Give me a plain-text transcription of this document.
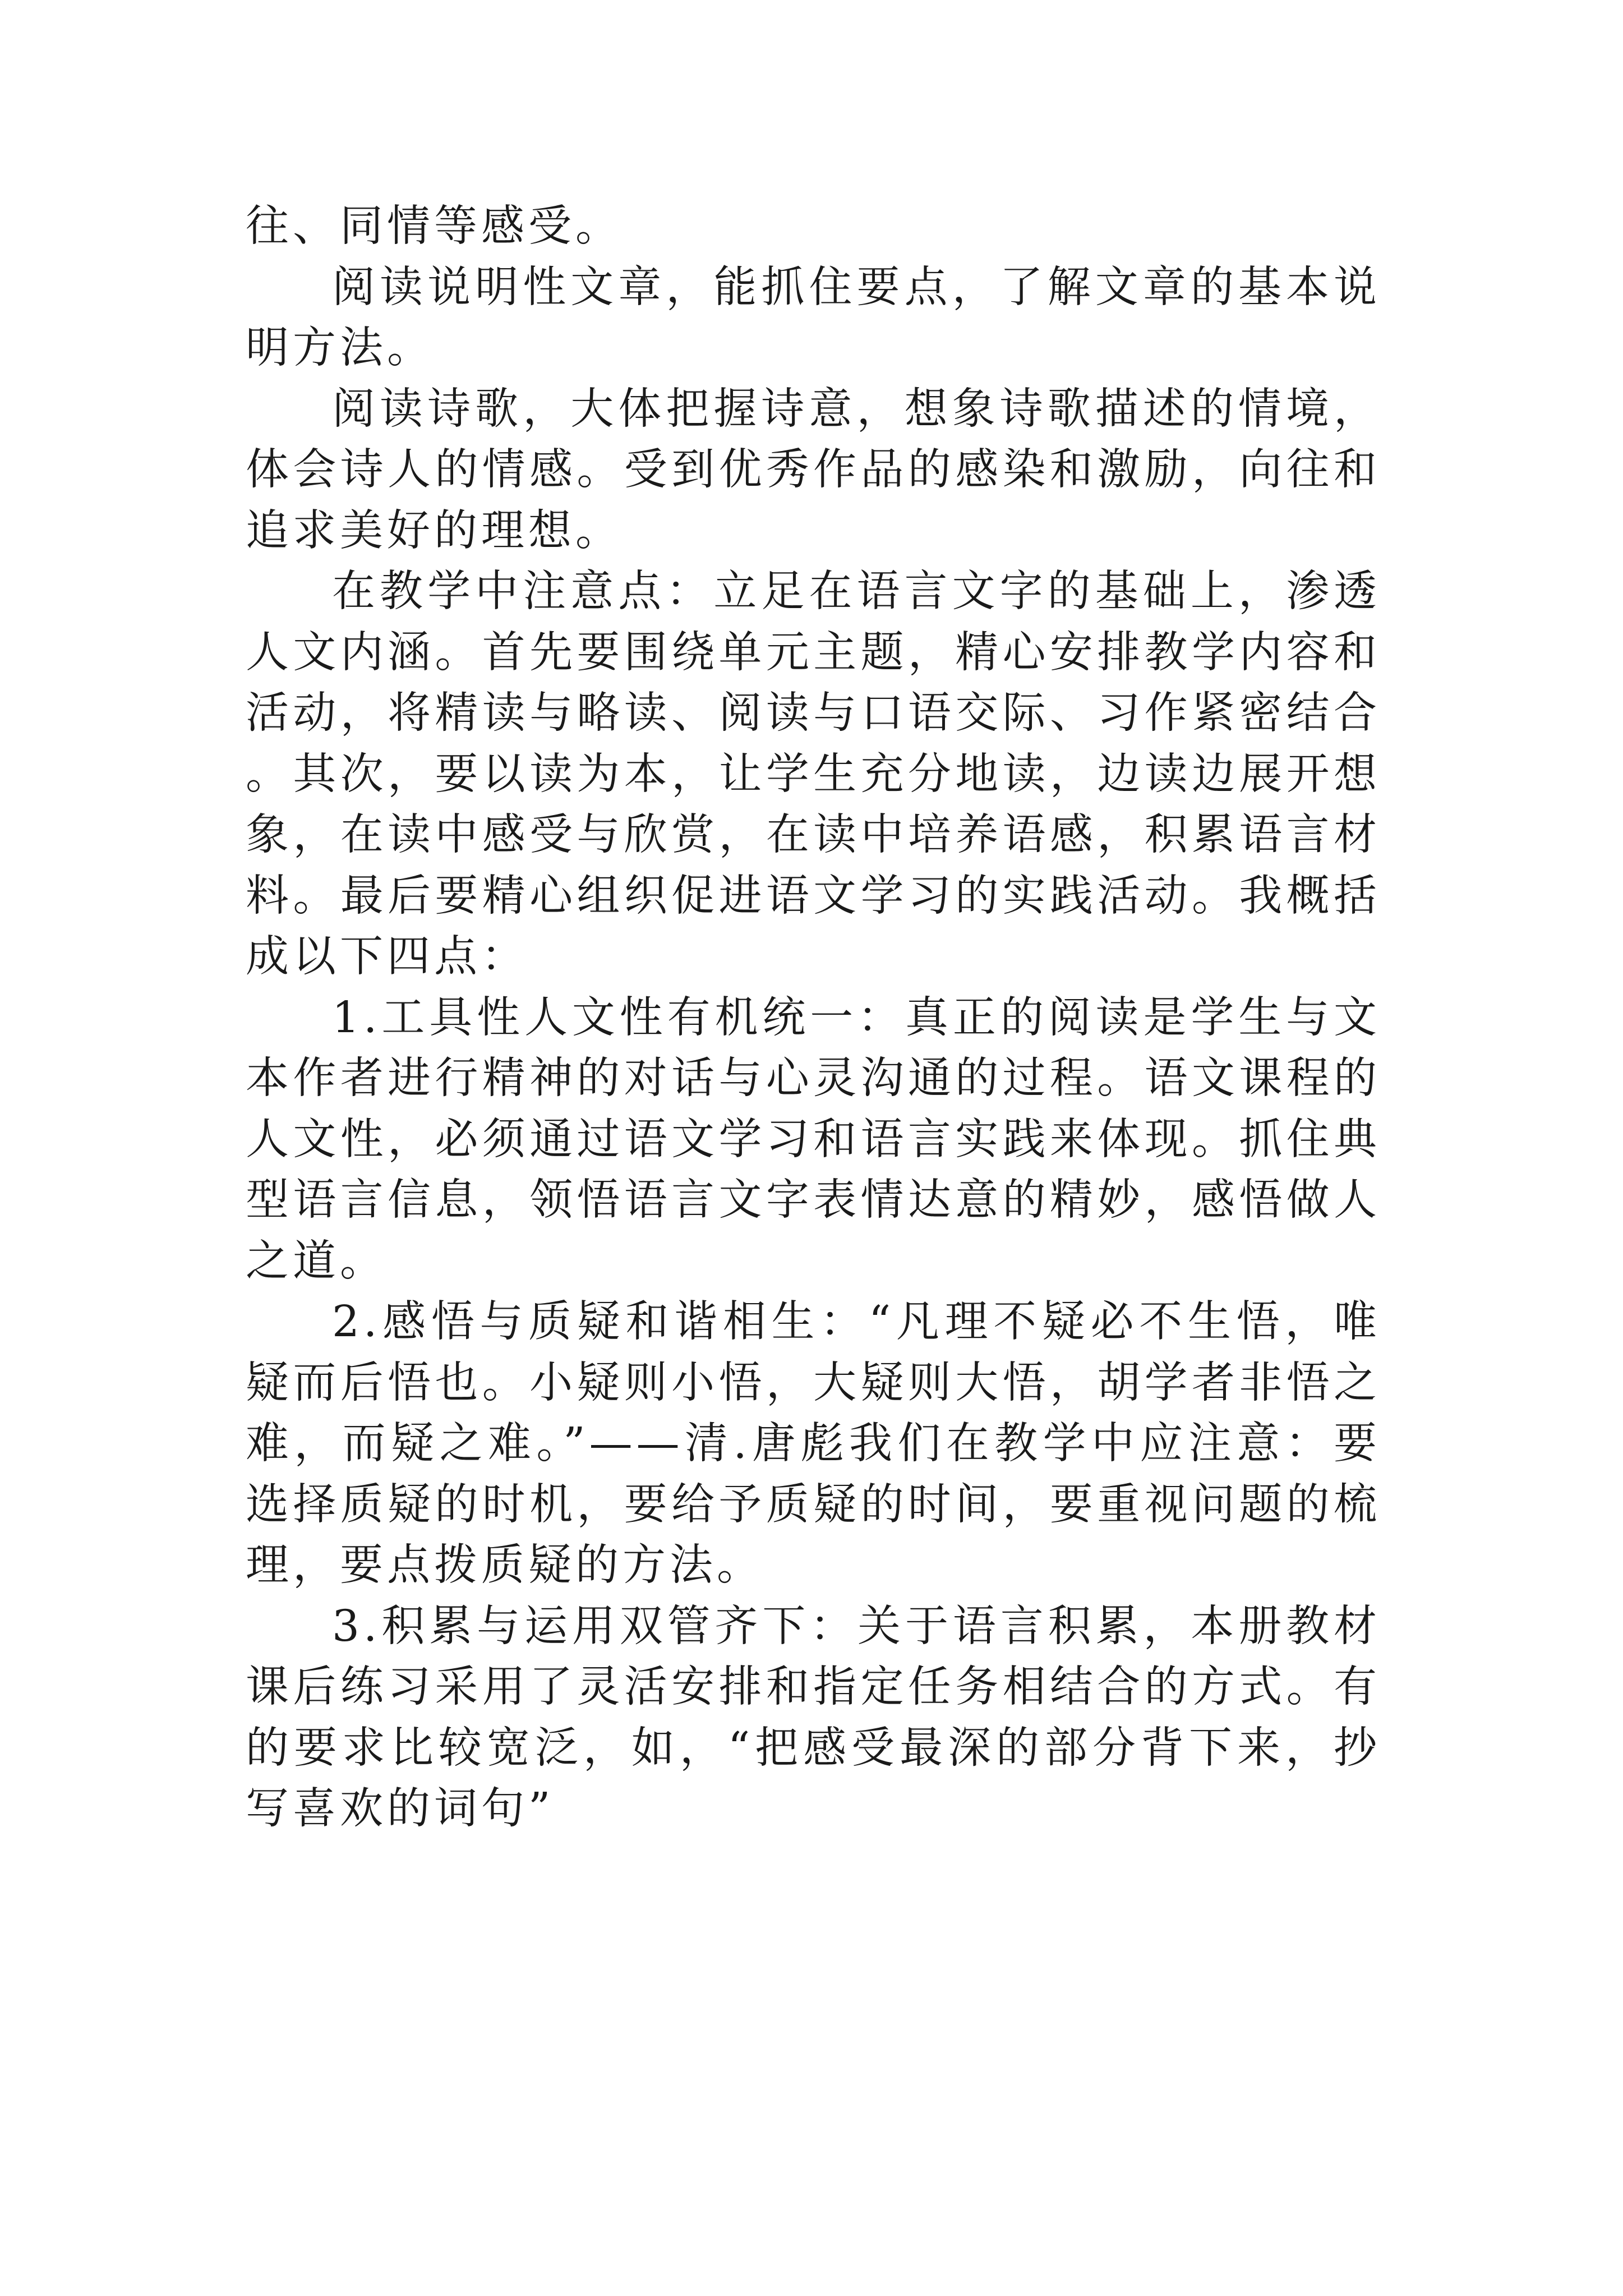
往、同情等感受。

阅读说明性文章，能抓住要点，了解文章的基本说明方法。

阅读诗歌，大体把握诗意，想象诗歌描述的情境，体会诗人的情感。受到优秀作品的感染和激励，向往和追求美好的理想。

在教学中注意点：立足在语言文字的基础上，渗透人文内涵。首先要围绕单元主题，精心安排教学内容和活动，将精读与略读、阅读与口语交际、习作紧密结合。其次，要以读为本，让学生充分地读，边读边展开想象，在读中感受与欣赏，在读中培养语感，积累语言材料。最后要精心组织促进语文学习的实践活动。我概括成以下四点：

1.工具性人文性有机统一：真正的阅读是学生与文本作者进行精神的对话与心灵沟通的过程。语文课程的人文性，必须通过语文学习和语言实践来体现。抓住典型语言信息，领悟语言文字表情达意的精妙，感悟做人之道。

2.感悟与质疑和谐相生：“凡理不疑必不生悟，唯疑而后悟也。小疑则小悟，大疑则大悟，胡学者非悟之难，而疑之难。”——清.唐彪我们在教学中应注意：要选择质疑的时机，要给予质疑的时间，要重视问题的梳理，要点拨质疑的方法。

3.积累与运用双管齐下：关于语言积累，本册教材课后练习采用了灵活安排和指定任务相结合的方式。有的要求比较宽泛，如，“把感受最深的部分背下来，抄写喜欢的词句”
